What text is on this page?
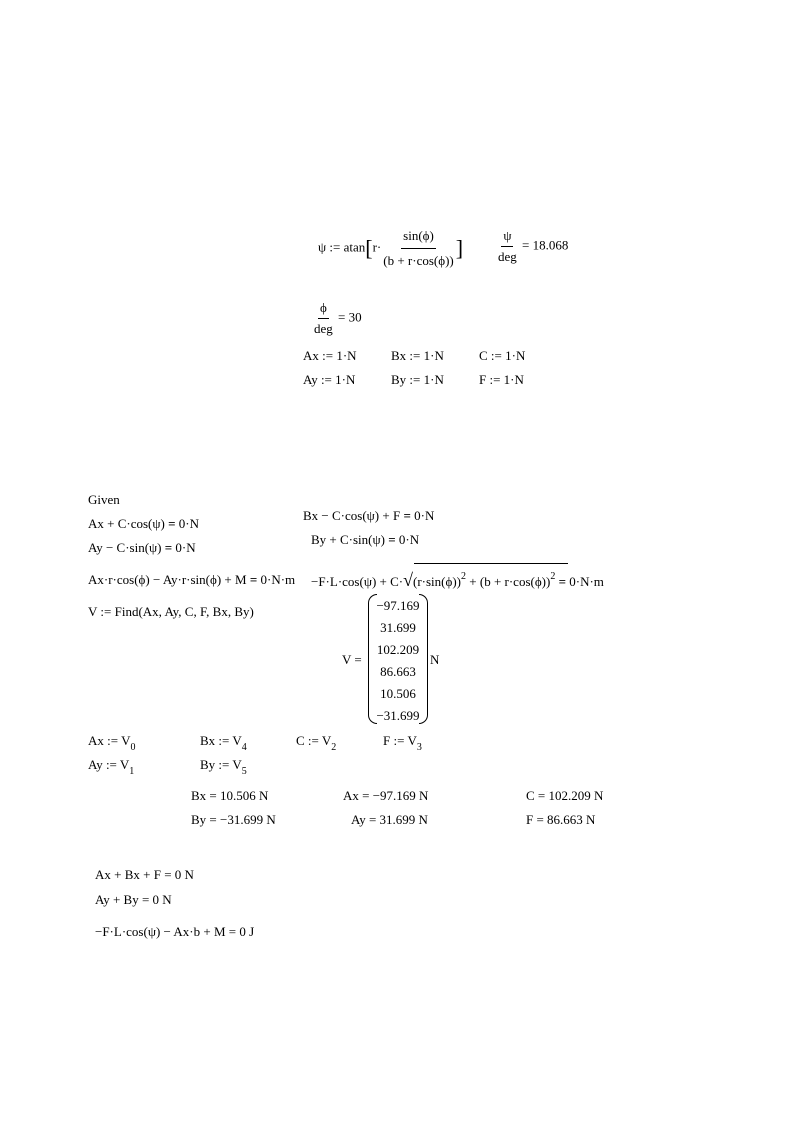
ψ := $atan[r\cdot \frac{\sin(\phi)}{(b + r\cdot\cos(\phi))}$ ]	$\frac{\psi}{\text{deg}} = 18.068$
$\frac{\phi}{\text{deg}} = 30$
Ax := 1·N	Bx := 1·N	C := 1·N
Ay := 1·N	By := 1·N	F := 1·N
Given
Ax + C·cos(ψ) = 0·N
Ay − C·sin(ψ) = 0·N
Bx − C·cos(ψ) + F = 0·N
By + C·sin(ψ) = 0·N
$Ax\cdot r\cdot\cos(\phi) - Ay\cdot r\cdot\sin(\phi) + M = 0\cdot N\cdot m -F\cdot L\cdot\cos(\psi) + C\cdot√(r\cdot\sin(\phi))^2 + (b + r\cdot\cos(\phi))^2 = 0\cdot N\cdot m$
V := Find(Ax, Ay, C, F, Bx, By)
V =
−97.169
31.699
102.209
86.663
10.506
−31.699
N
Ax := $V_0$	Bx := $V_4$	C := $V_2$	F := $V_3$
Ay := $V_1$	By := $V_5$
Bx = 10.506 N	Ax = −97.169 N	C = 102.209 N
By = −31.699 N	Ay = 31.699 N	F = 86.663 N
Ax + Bx + F = 0 N
Ay + By = 0 N
−F·L·cos(ψ) − Ax·b + M = 0 J
